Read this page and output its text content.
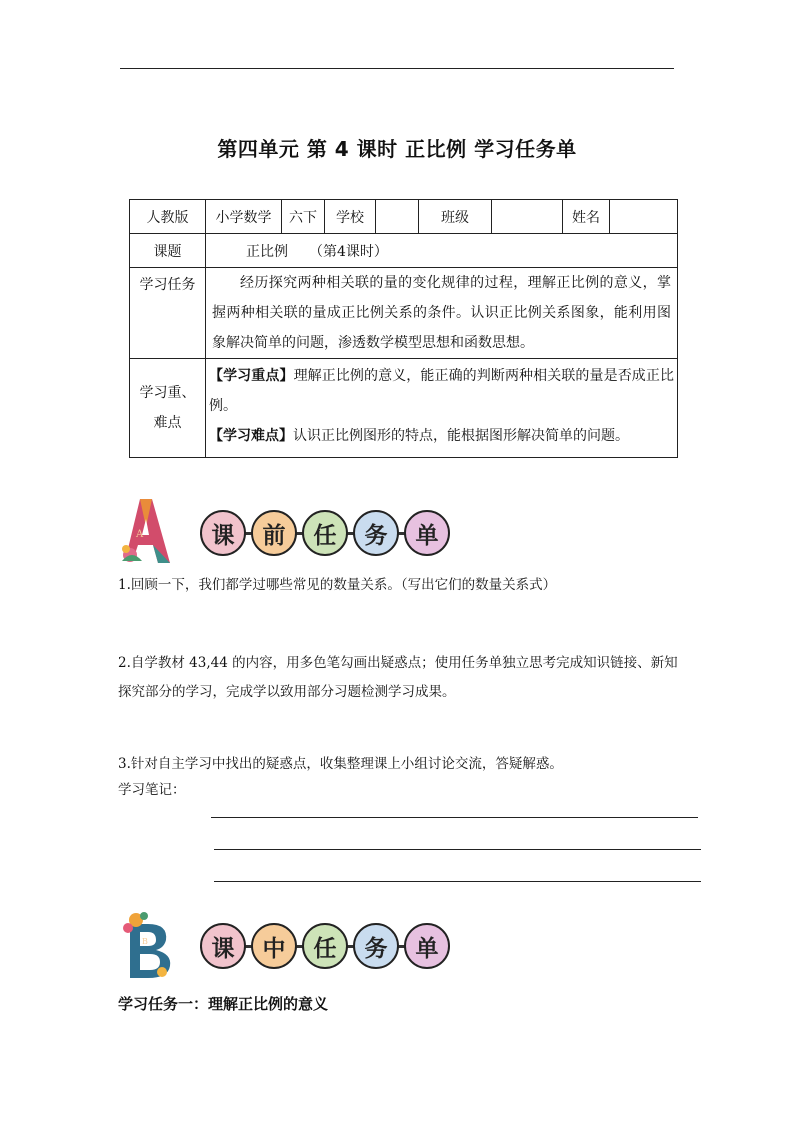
第四单元 第 4 课时 正比例 学习任务单
人教版	小学数学	六下	学校		班级		姓名	
课题	正比例　　（第4课时）							
学习任务	经历探究两种相关联的量的变化规律的过程，理解正比例的意义，掌握两种相关联的量成正比例关系的条件。认识正比例关系图象，能利用图象解决简单的问题，渗透数学模型思想和函数思想。							
学习重、难点	【学习重点】理解正比例的意义，能正确的判断两种相关联的量是否成正比例。
【学习难点】认识正比例图形的特点，能根据图形解决简单的问题。							
A	课	前	任	务	单
1.回顾一下，我们都学过哪些常见的数量关系。（写出它们的数量关系式）
2.自学教材 43,44 的内容，用多色笔勾画出疑惑点；使用任务单独立思考完成知识链接、新知探究部分的学习，完成学以致用部分习题检测学习成果。
3.针对自主学习中找出的疑惑点，收集整理课上小组讨论交流，答疑解惑。
学习笔记：
B	课	中	任	务	单
学习任务一：理解正比例的意义
